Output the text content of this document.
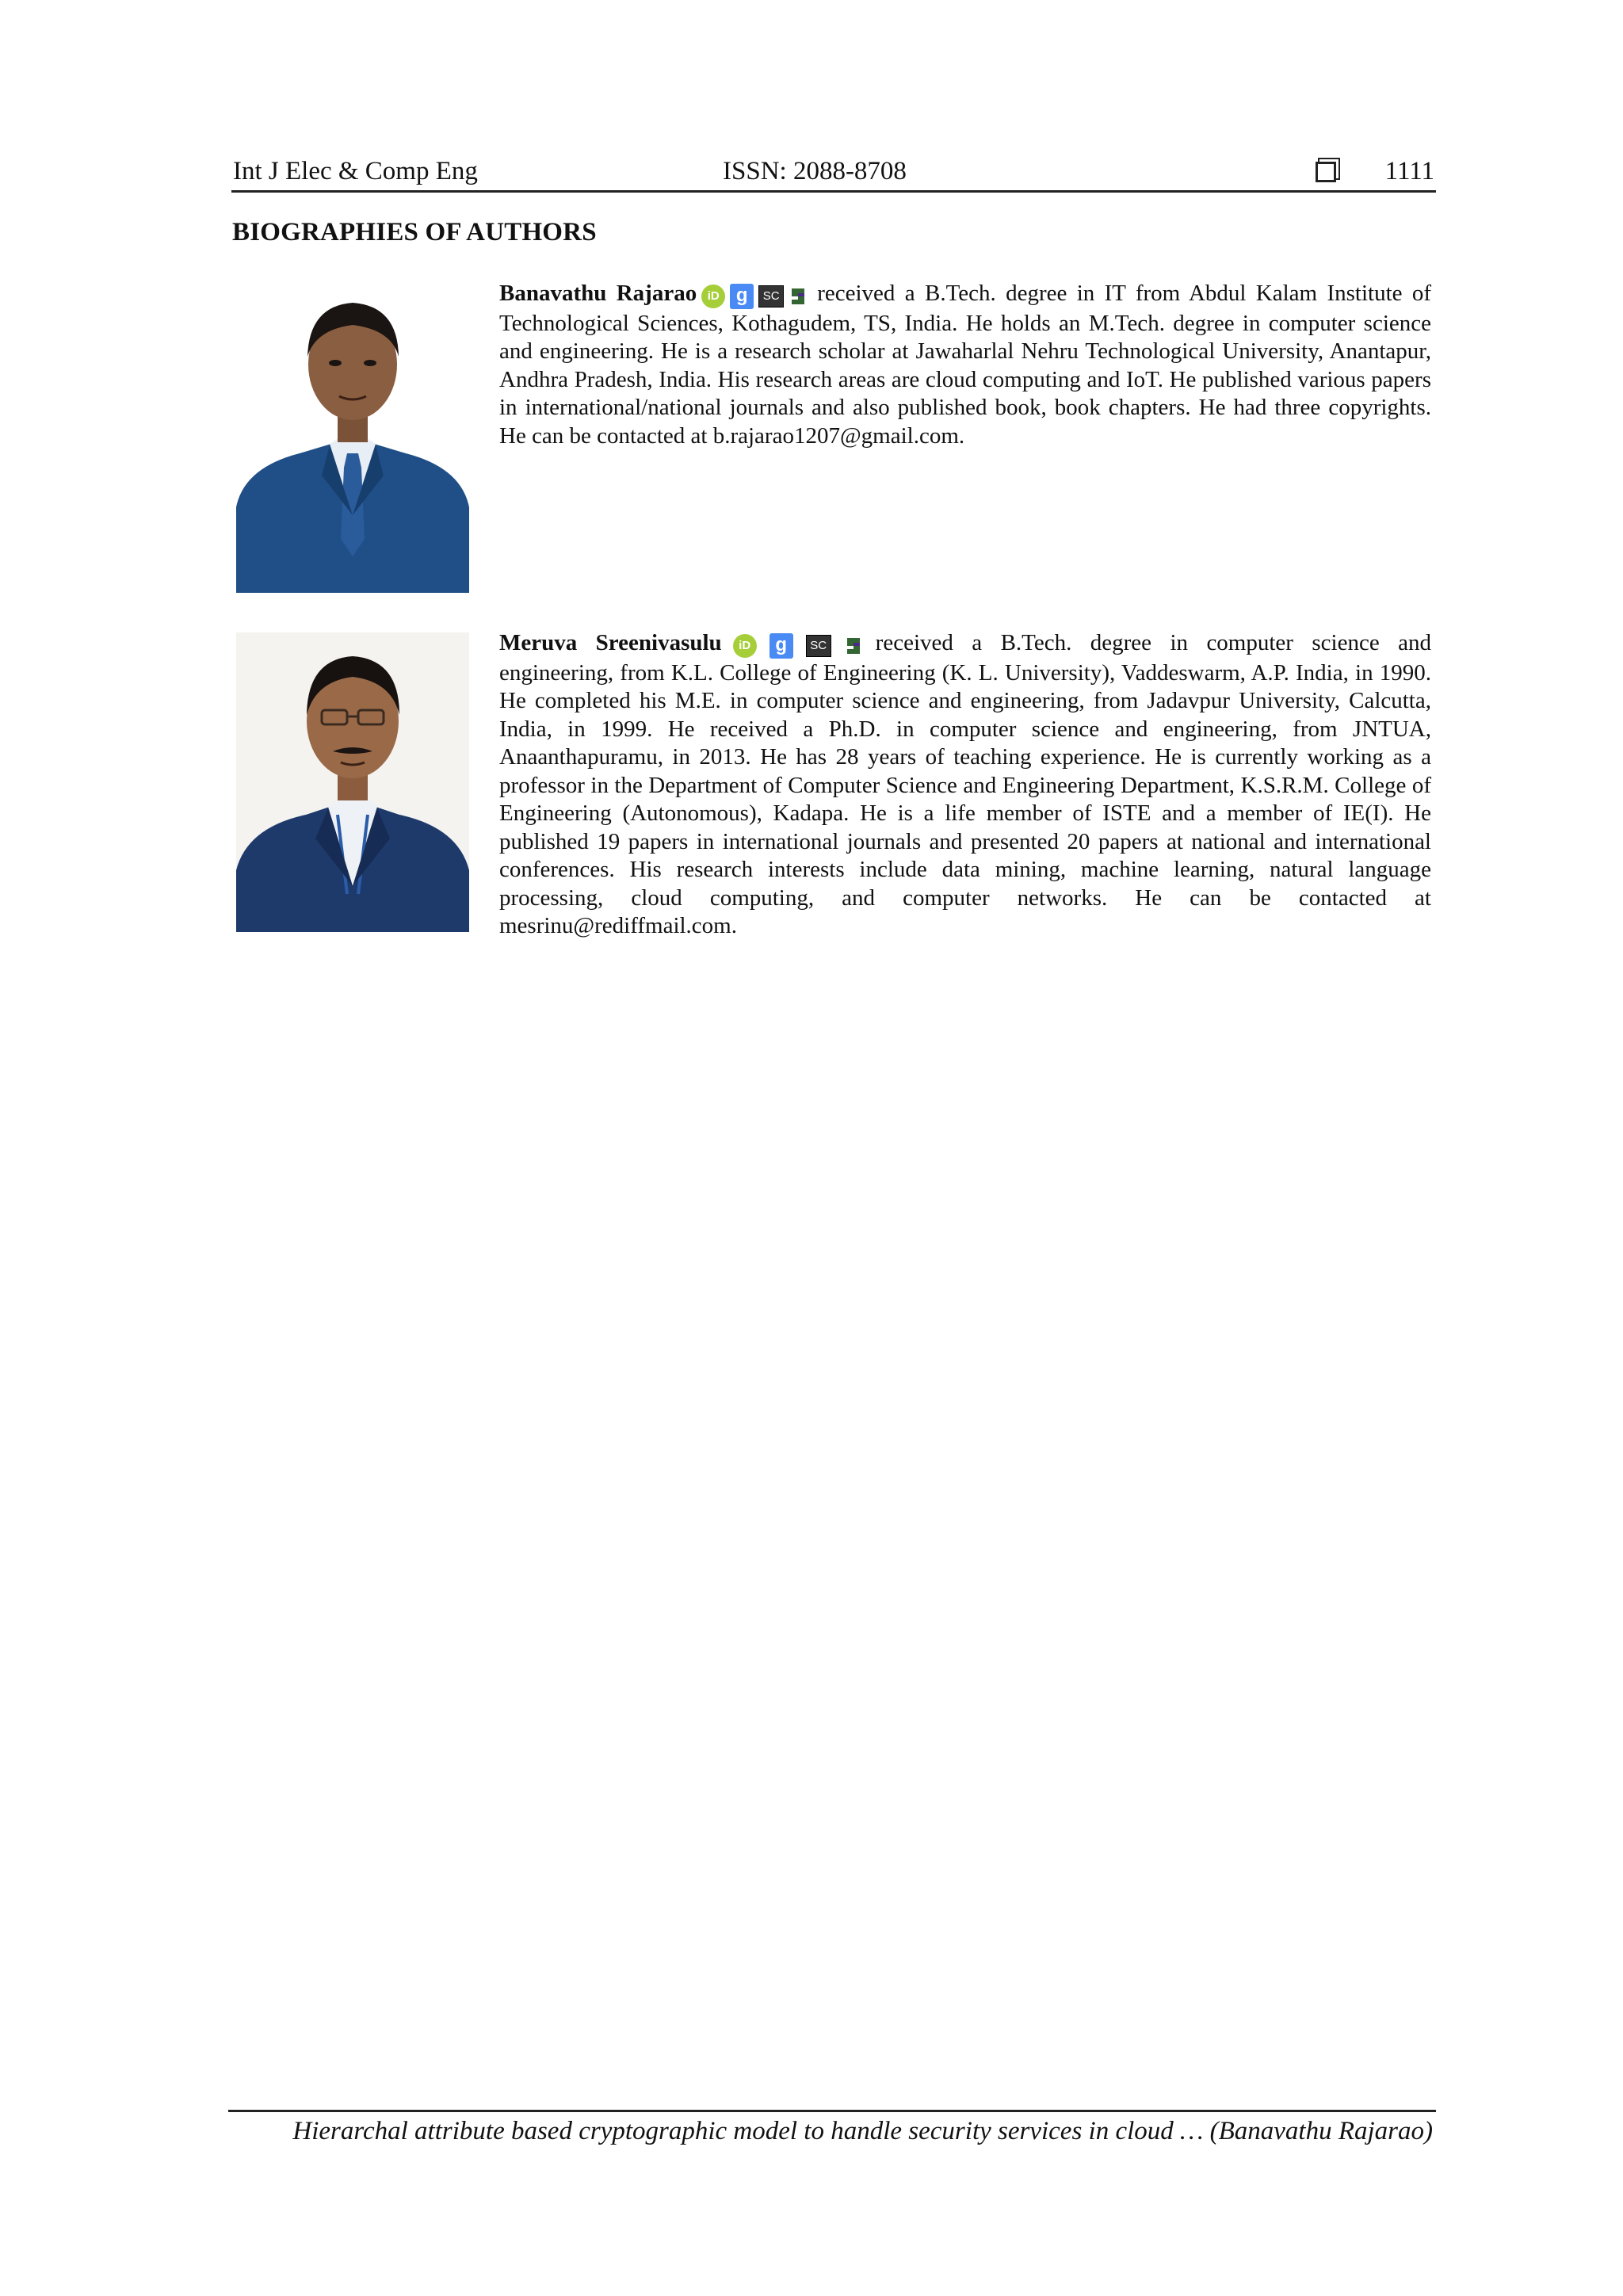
Int J Elec & Comp Eng	ISSN: 2088-8708	1111
BIOGRAPHIES OF AUTHORS

Banavathu Rajarao iD g SC received a B.Tech. degree in IT from Abdul Kalam Institute of Technological Sciences, Kothagudem, TS, India. He holds an M.Tech. degree in computer science and engineering. He is a research scholar at Jawaharlal Nehru Technological University, Anantapur, Andhra Pradesh, India. His research areas are cloud computing and IoT. He published various papers in international/national journals and also published book, book chapters. He had three copyrights. He can be contacted at b.rajarao1207@gmail.com.

Meruva Sreenivasulu iD g SC received a B.Tech. degree in computer science and engineering, from K.L. College of Engineering (K. L. University), Vaddeswarm, A.P. India, in 1990. He completed his M.E. in computer science and engineering, from Jadavpur University, Calcutta, India, in 1999. He received a Ph.D. in computer science and engineering, from JNTUA, Anaanthapuramu, in 2013. He has 28 years of teaching experience. He is currently working as a professor in the Department of Computer Science and Engineering Department, K.S.R.M. College of Engineering (Autonomous), Kadapa. He is a life member of ISTE and a member of IE(I). He published 19 papers in international journals and presented 20 papers at national and international conferences. His research interests include data mining, machine learning, natural language processing, cloud computing, and computer networks. He can be contacted at mesrinu@rediffmail.com.

Hierarchal attribute based cryptographic model to handle security services in cloud … (Banavathu Rajarao)
